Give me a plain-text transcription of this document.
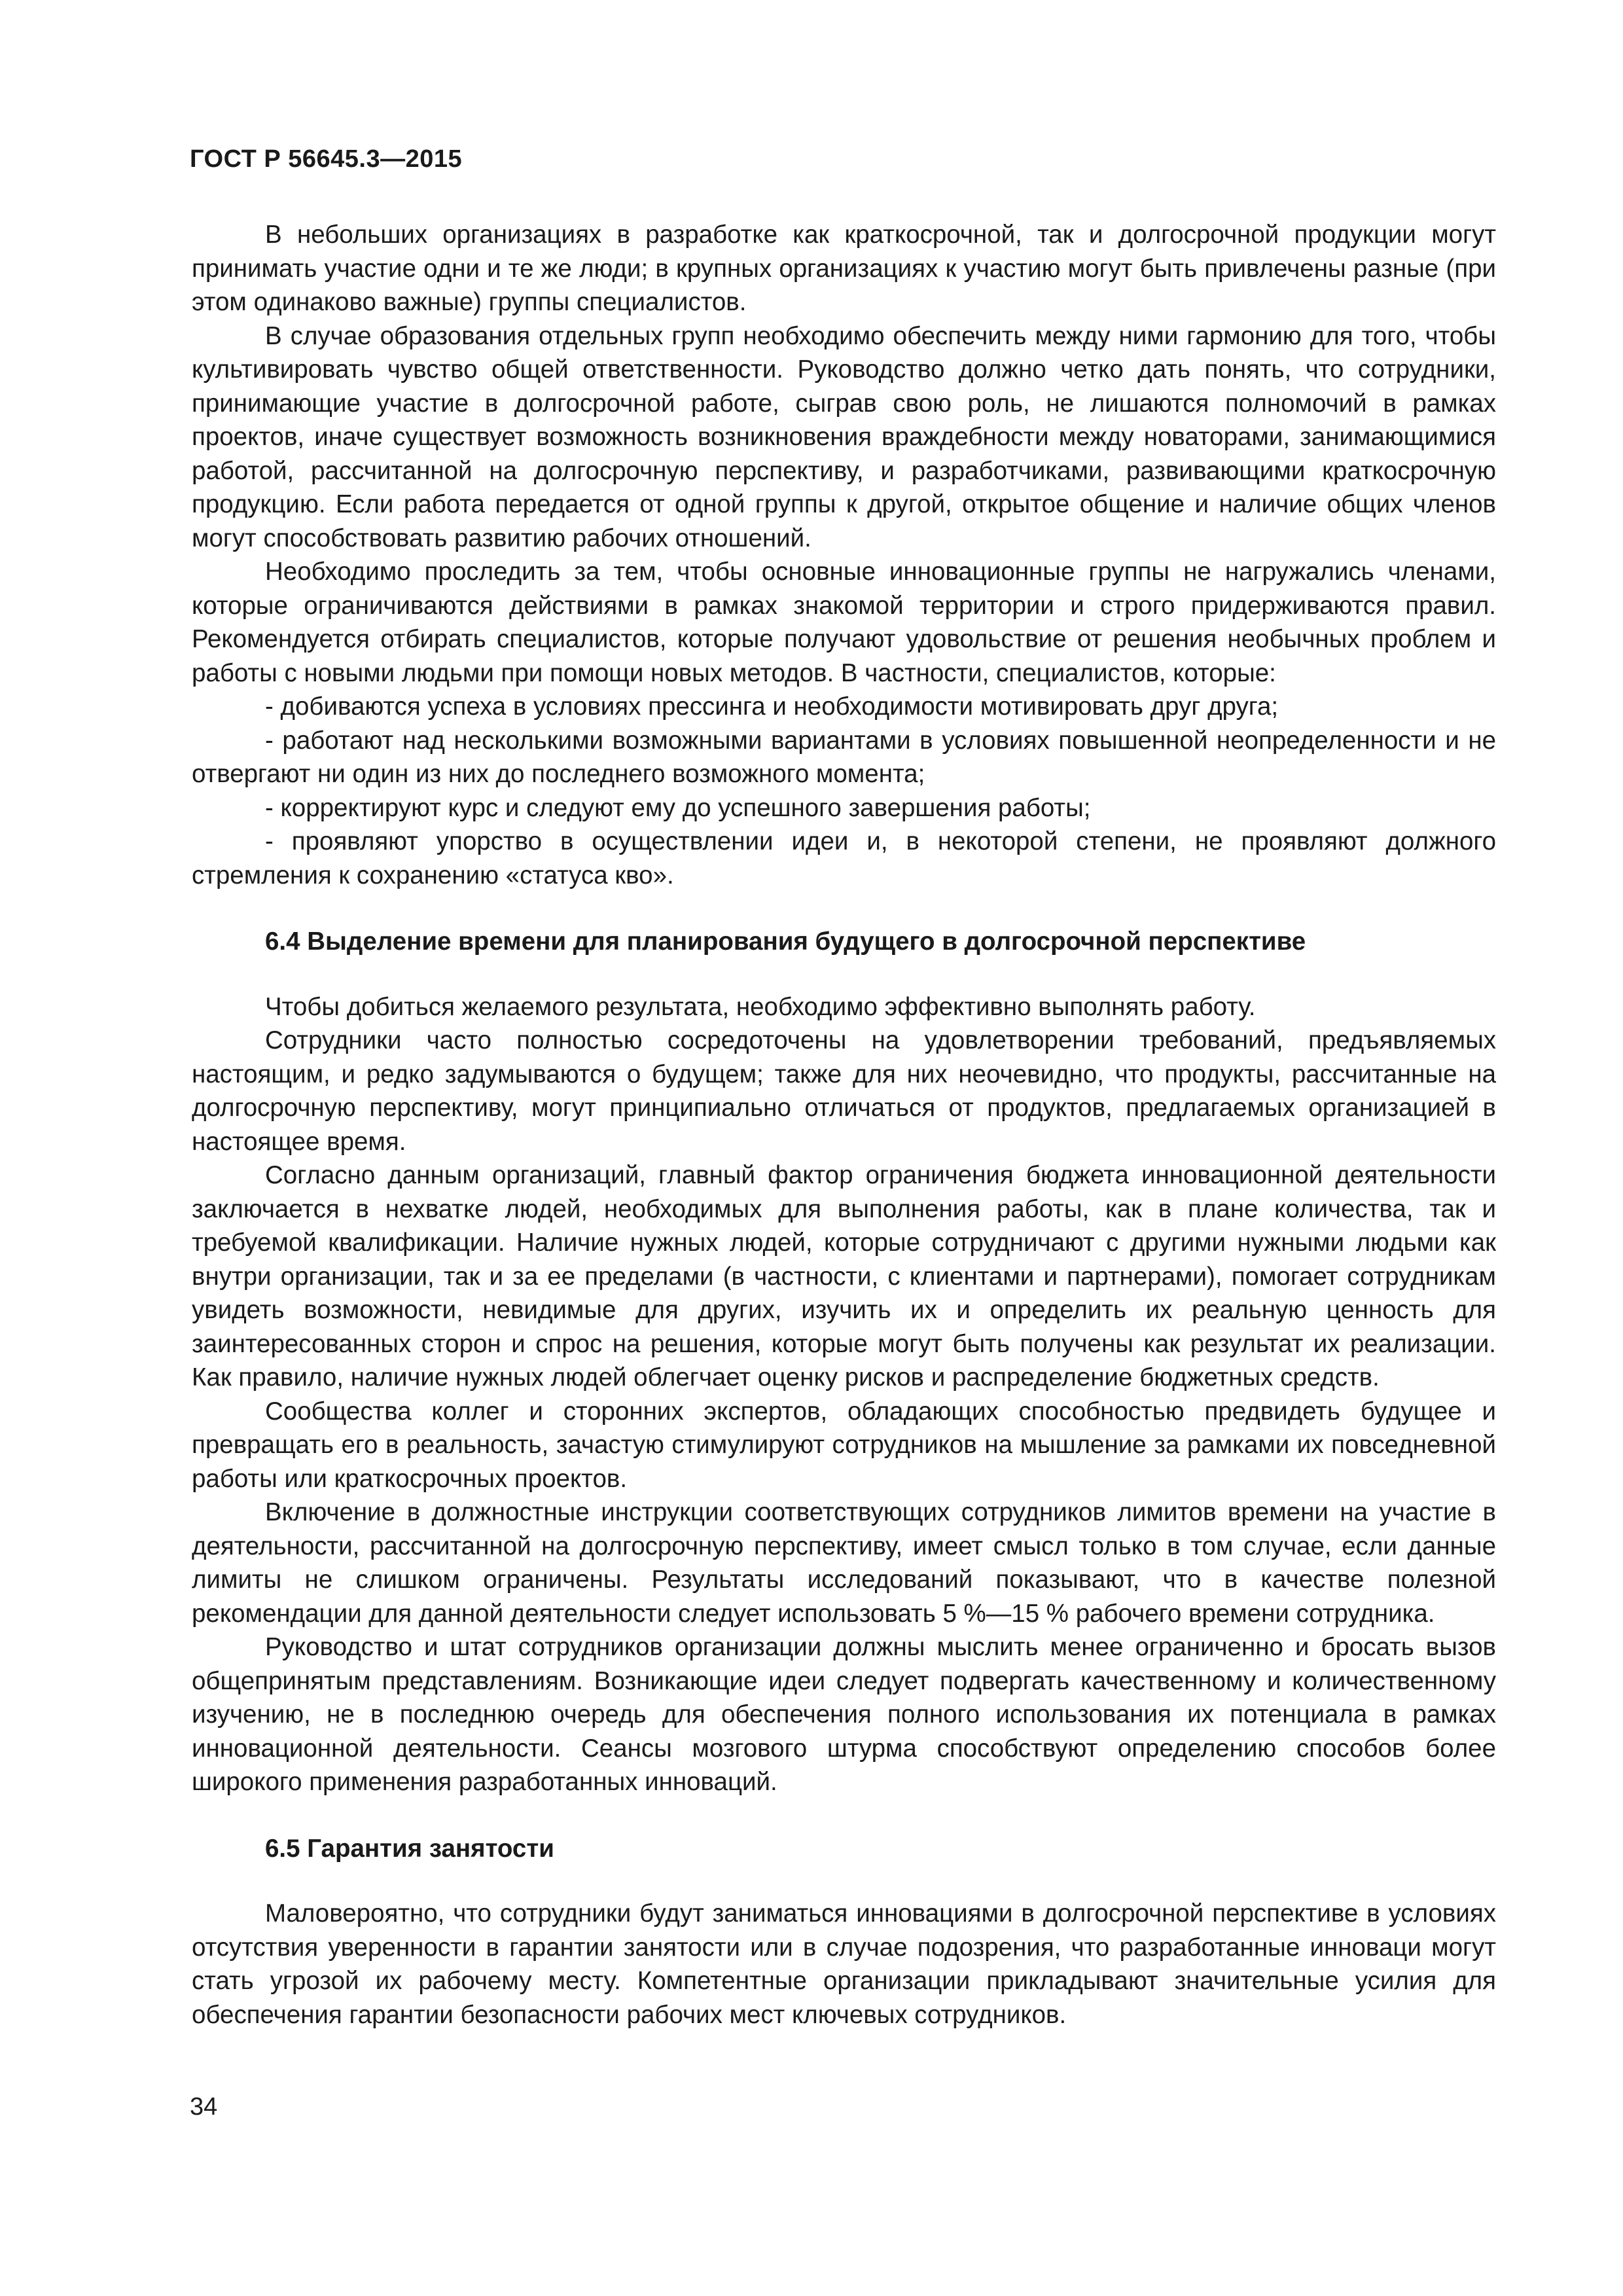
ГОСТ Р 56645.3—2015

В небольших организациях в разработке как краткосрочной, так и долгосрочной продукции могут принимать участие одни и те же люди; в крупных организациях к участию могут быть привлечены разные (при этом одинаково важные) группы специалистов.

В случае образования отдельных групп необходимо обеспечить между ними гармонию для того, чтобы культивировать чувство общей ответственности. Руководство должно четко дать понять, что сотрудники, принимающие участие в долгосрочной работе, сыграв свою роль, не лишаются полномочий в рамках проектов, иначе существует возможность возникновения враждебности между новаторами, занимающимися работой, рассчитанной на долгосрочную перспективу, и разработчиками, развивающими краткосрочную продукцию. Если работа передается от одной группы к другой, открытое общение и наличие общих членов могут способствовать развитию рабочих отношений.

Необходимо проследить за тем, чтобы основные инновационные группы не нагружались членами, которые ограничиваются действиями в рамках знакомой территории и строго придерживаются правил. Рекомендуется отбирать специалистов, которые получают удовольствие от решения необычных проблем и работы с новыми людьми при помощи новых методов. В частности, специалистов, которые:

- добиваются успеха в условиях прессинга и необходимости мотивировать друг друга;

- работают над несколькими возможными вариантами в условиях повышенной неопределенности и не отвергают ни один из них до последнего возможного момента;

- корректируют курс и следуют ему до успешного завершения работы;

- проявляют упорство в осуществлении идеи и, в некоторой степени, не проявляют должного стремления к сохранению «статуса кво».

6.4 Выделение времени для планирования будущего в долгосрочной перспективе

Чтобы добиться желаемого результата, необходимо эффективно выполнять работу.

Сотрудники часто полностью сосредоточены на удовлетворении требований, предъявляемых настоящим, и редко задумываются о будущем; также для них неочевидно, что продукты, рассчитанные на долгосрочную перспективу, могут принципиально отличаться от продуктов, предлагаемых организацией в настоящее время.

Согласно данным организаций, главный фактор ограничения бюджета инновационной деятельности заключается в нехватке людей, необходимых для выполнения работы, как в плане количества, так и требуемой квалификации. Наличие нужных людей, которые сотрудничают с другими нужными людьми как внутри организации, так и за ее пределами (в частности, с клиентами и партнерами), помогает сотрудникам увидеть возможности, невидимые для других, изучить их и определить их реальную ценность для заинтересованных сторон и спрос на решения, которые могут быть получены как результат их реализации. Как правило, наличие нужных людей облегчает оценку рисков и распределение бюджетных средств.

Сообщества коллег и сторонних экспертов, обладающих способностью предвидеть будущее и превращать его в реальность, зачастую стимулируют сотрудников на мышление за рамками их повседневной работы или краткосрочных проектов.

Включение в должностные инструкции соответствующих сотрудников лимитов времени на участие в деятельности, рассчитанной на долгосрочную перспективу, имеет смысл только в том случае, если данные лимиты не слишком ограничены. Результаты исследований показывают, что в качестве полезной рекомендации для данной деятельности следует использовать 5 %—15 % рабочего времени сотрудника.

Руководство и штат сотрудников организации должны мыслить менее ограниченно и бросать вызов общепринятым представлениям. Возникающие идеи следует подвергать качественному и количественному изучению, не в последнюю очередь для обеспечения полного использования их потенциала в рамках инновационной деятельности. Сеансы мозгового штурма способствуют определению способов более широкого применения разработанных инноваций.

6.5 Гарантия занятости

Маловероятно, что сотрудники будут заниматься инновациями в долгосрочной перспективе в условиях отсутствия уверенности в гарантии занятости или в случае подозрения, что разработанные инноваци могут стать угрозой их рабочему месту. Компетентные организации прикладывают значительные усилия для обеспечения гарантии безопасности рабочих мест ключевых сотрудников.

34
